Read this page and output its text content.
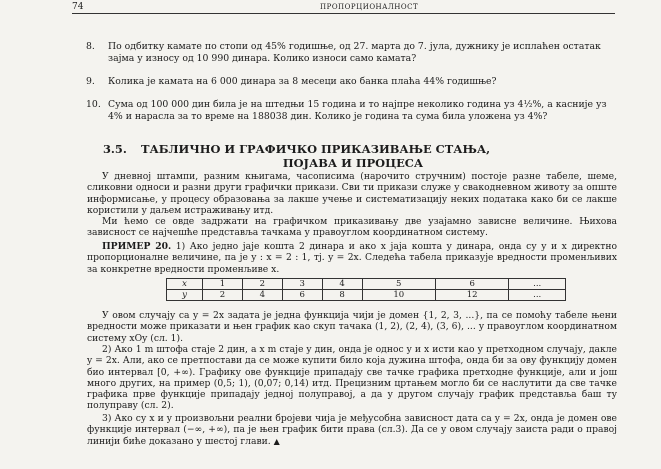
74	ПРОПОРЦИОНАЛНОСТ
8. По одбитку камате по стопи од 45% годишње, од 27. марта до 7. јула, дужнику је исплаћен остатак зајма у износу од 10 990 динара. Колико износи само камата?
9. Колика је камата на 6 000 динара за 8 месеци ако банка плаћа 44% годишње?
10. Сума од 100 000 дин била је на штедњи 15 година и то најпре неколико година уз 4½%, а касније уз 4% и нарасла за то време на 188038 дин. Колико је година та сума била уложена уз 4%?
3.5. ТАБЛИЧНО И ГРАФИЧКО ПРИКАЗИВАЊЕ СТАЊА,
ПОЈАВА И ПРОЦЕСА
У дневној штампи, разним књигама, часописима (нарочито стручним) постоје разне табеле, шеме, сликовни односи и разни други графички прикази. Сви ти прикази служе у свакодневном животу за опште информисање, у процесу образовања за лакше учење и систематизацију неких података како би се лакше користили у даљем истраживању итд.
Ми ћемо се овде задржати на графичком приказивању две узајамно зависне величине. Њихова зависност се најчешће представља тачкама у правоуглом координатном систему.
ПРИМЕР 20. 1) Ако једно јаје кошта 2 динара и ако x јаја кошта y динара, онда су y и x директно пропорционалне величине, па је y : x = 2 : 1, тј. y = 2x. Следећа табела приказује вредности променљивих за конкретне вредности променљиве x.
x	1	2	3	4	5	6	...
y	2	4	6	8	10	12	...
У овом случају са y = 2x задата је једна функција чији је домен {1, 2, 3, ...}, па се помоћу табеле њени вредности може приказати и њен график као скуп тачака (1, 2), (2, 4), (3, 6), ... у правоуглом координатном систему xOy (сл. 1).
2) Ако 1 m штофа стаје 2 дин, а x m стаје y дин, онда је однос y и x исти као у претходном случају, дакле y = 2x. Али, ако се претпостави да се може купити било која дужина штофа, онда би за ову функцију домен био интервал [0, +∞). Графику ове функције припадају све тачке графика претходне функције, али и још много других, на пример (0,5; 1), (0,07; 0,14) итд. Прецизним цртањем могло би се наслутити да све тачке графика прве функције припадају једној полуправој, а да у другом случају график представља баш ту полуправу (сл. 2).
3) Ако су x и y произвољни реални бројеви чија је међусобна зависност дата са y = 2x, онда је домен ове функције интервал (−∞, +∞), па је њен график бити права (сл.3). Да се у овом случају заиста ради о правој линији биће доказано у шестој глави. ▲
